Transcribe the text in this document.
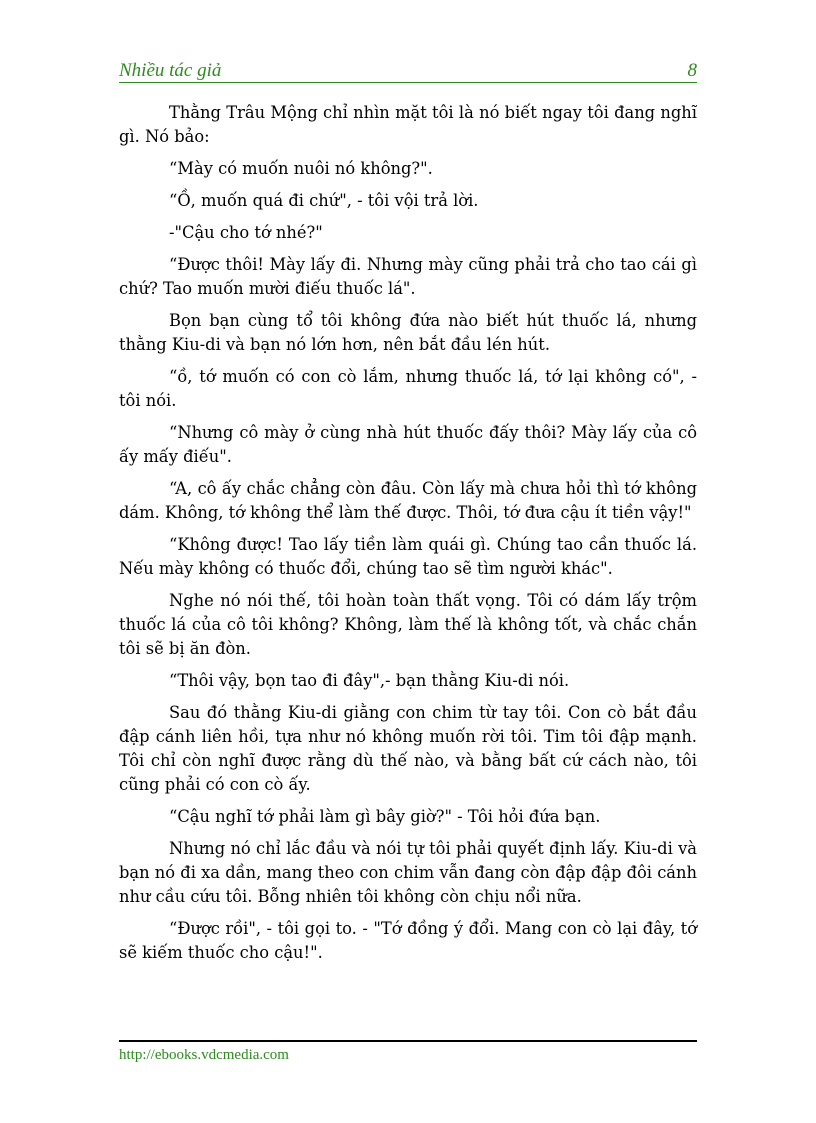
Nhiều tác giả	8

Thằng Trâu Mộng chỉ nhìn mặt tôi là nó biết ngay tôi đang nghĩ gì. Nó bảo:

“Mày có muốn nuôi nó không?".

“Ồ, muốn quá đi chứ", - tôi vội trả lời.

-"Cậu cho tớ nhé?"

“Được thôi! Mày lấy đi. Nhưng mày cũng phải trả cho tao cái gì chứ? Tao muốn mười điếu thuốc lá".

Bọn bạn cùng tổ tôi không đứa nào biết hút thuốc lá, nhưng thằng Kiu-di và bạn nó lớn hơn, nên bắt đầu lén hút.

“ồ, tớ muốn có con cò lắm, nhưng thuốc lá, tớ lại không có", - tôi nói.

“Nhưng cô mày ở cùng nhà hút thuốc đấy thôi? Mày lấy của cô ấy mấy điếu".

“A, cô ấy chắc chẳng còn đâu. Còn lấy mà chưa hỏi thì tớ không dám. Không, tớ không thể làm thế được. Thôi, tớ đưa cậu ít tiền vậy!"

“Không được! Tao lấy tiền làm quái gì. Chúng tao cần thuốc lá. Nếu mày không có thuốc đổi, chúng tao sẽ tìm người khác".

Nghe nó nói thế, tôi hoàn toàn thất vọng. Tôi có dám lấy trộm thuốc lá của cô tôi không? Không, làm thế là không tốt, và chắc chắn tôi sẽ bị ăn đòn.

“Thôi vậy, bọn tao đi đây",- bạn thằng Kiu-di nói.

Sau đó thằng Kiu-di giằng con chim từ tay tôi. Con cò bắt đầu đập cánh liên hồi, tựa như nó không muốn rời tôi. Tim tôi đập mạnh. Tôi chỉ còn nghĩ được rằng dù thế nào, và bằng bất cứ cách nào, tôi cũng phải có con cò ấy.

“Cậu nghĩ tớ phải làm gì bây giờ?" - Tôi hỏi đứa bạn.

Nhưng nó chỉ lắc đầu và nói tự tôi phải quyết định lấy. Kiu-di và bạn nó đi xa dần, mang theo con chim vẫn đang còn đập đập đôi cánh như cầu cứu tôi. Bỗng nhiên tôi không còn chịu nổi nữa.

“Được rồi", - tôi gọi to. - "Tớ đồng ý đổi. Mang con cò lại đây, tớ sẽ kiếm thuốc cho cậu!".

http://ebooks.vdcmedia.com
